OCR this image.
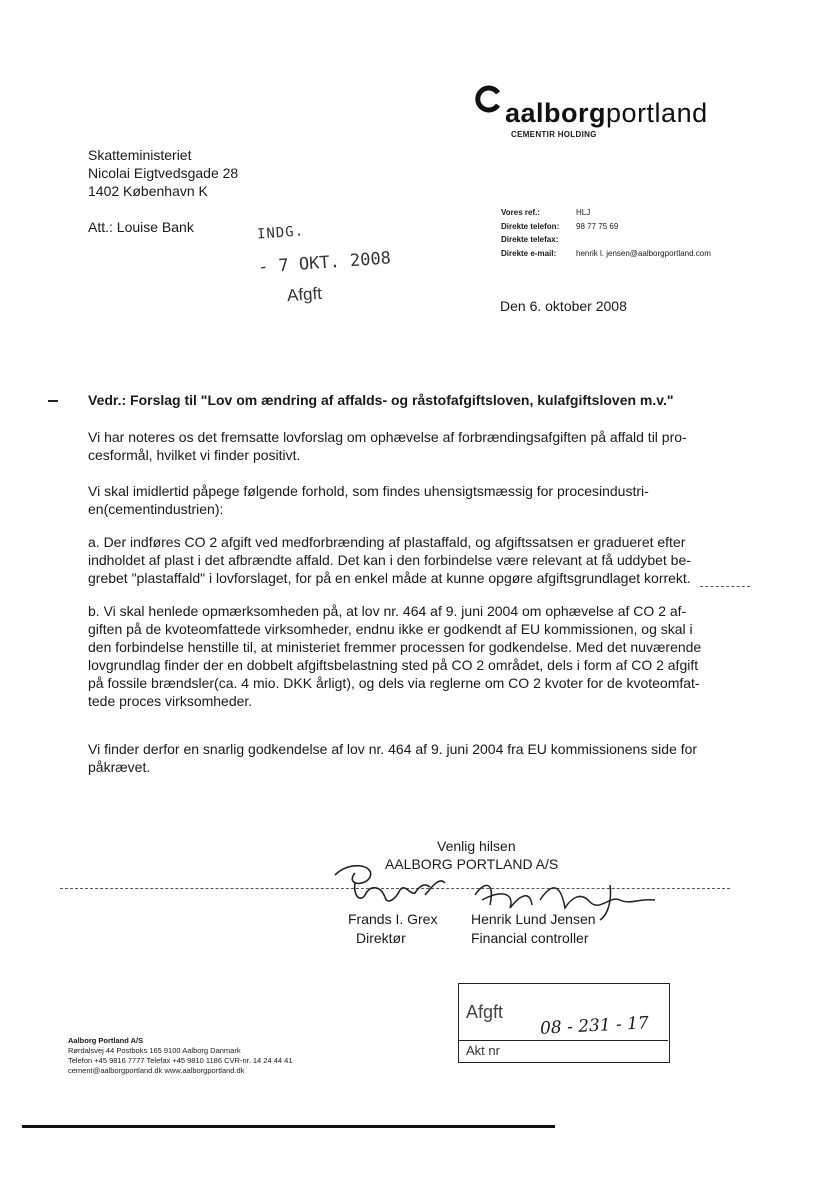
aalborgportland
CEMENTIR HOLDING
Skatteministeriet
Nicolai Eigtvedsgade 28
1402 København K
Att.: Louise Bank	INDG.
- 7 OKT. 2008
Afgft
Vores ref.:	HLJ
Direkte telefon: 98 77 75 69
Direkte telefax:
Direkte e-mail: henrik l. jensen@aalborgportland.com
Den 6. oktober 2008
Vedr.: Forslag til "Lov om ændring af affalds- og råstofafgiftsloven, kulafgiftsloven m.v."
Vi har noteres os det fremsatte lovforslag om ophævelse af forbrændingsafgiften på affald til pro-
cesformål, hvilket vi finder positivt.
Vi skal imidlertid påpege følgende forhold, som findes uhensigtsmæssig for procesindustri-
en(cementindustrien):
a. Der indføres CO 2 afgift ved medforbrænding af plastaffald, og afgiftssatsen er gradueret efter
indholdet af plast i det afbrændte affald. Det kan i den forbindelse være relevant at få uddybet be-
grebet "plastaffald" i lovforslaget, for på en enkel måde at kunne opgøre afgiftsgrundlaget korrekt.
b. Vi skal henlede opmærksomheden på, at lov nr. 464 af 9. juni 2004 om ophævelse af CO 2 af-
giften på de kvoteomfattede virksomheder, endnu ikke er godkendt af EU kommissionen, og skal i
den forbindelse henstille til, at ministeriet fremmer processen for godkendelse. Med det nuværende
lovgrundlag finder der en dobbelt afgiftsbelastning sted på CO 2 området, dels i form af CO 2 afgift
på fossile brændsler(ca. 4 mio. DKK årligt), og dels via reglerne om CO 2 kvoter for de kvoteomfat-
tede proces virksomheder.
Vi finder derfor en snarlig godkendelse af lov nr. 464 af 9. juni 2004 fra EU kommissionens side for
påkrævet.
Venlig hilsen
AALBORG PORTLAND A/S
Frands I. Grex
Direktør
Henrik Lund Jensen
Financial controller
Afgft
08 - 231 - 17
Akt nr
Aalborg Portland A/S
Rørdalsvej 44 Postboks 165 9100 Aalborg Danmark
Telefon +45 9816 7777 Telefax +45 9810 1186 CVR-nr. 14 24 44 41
cement@aalborgportland.dk www.aalborgportland.dk
